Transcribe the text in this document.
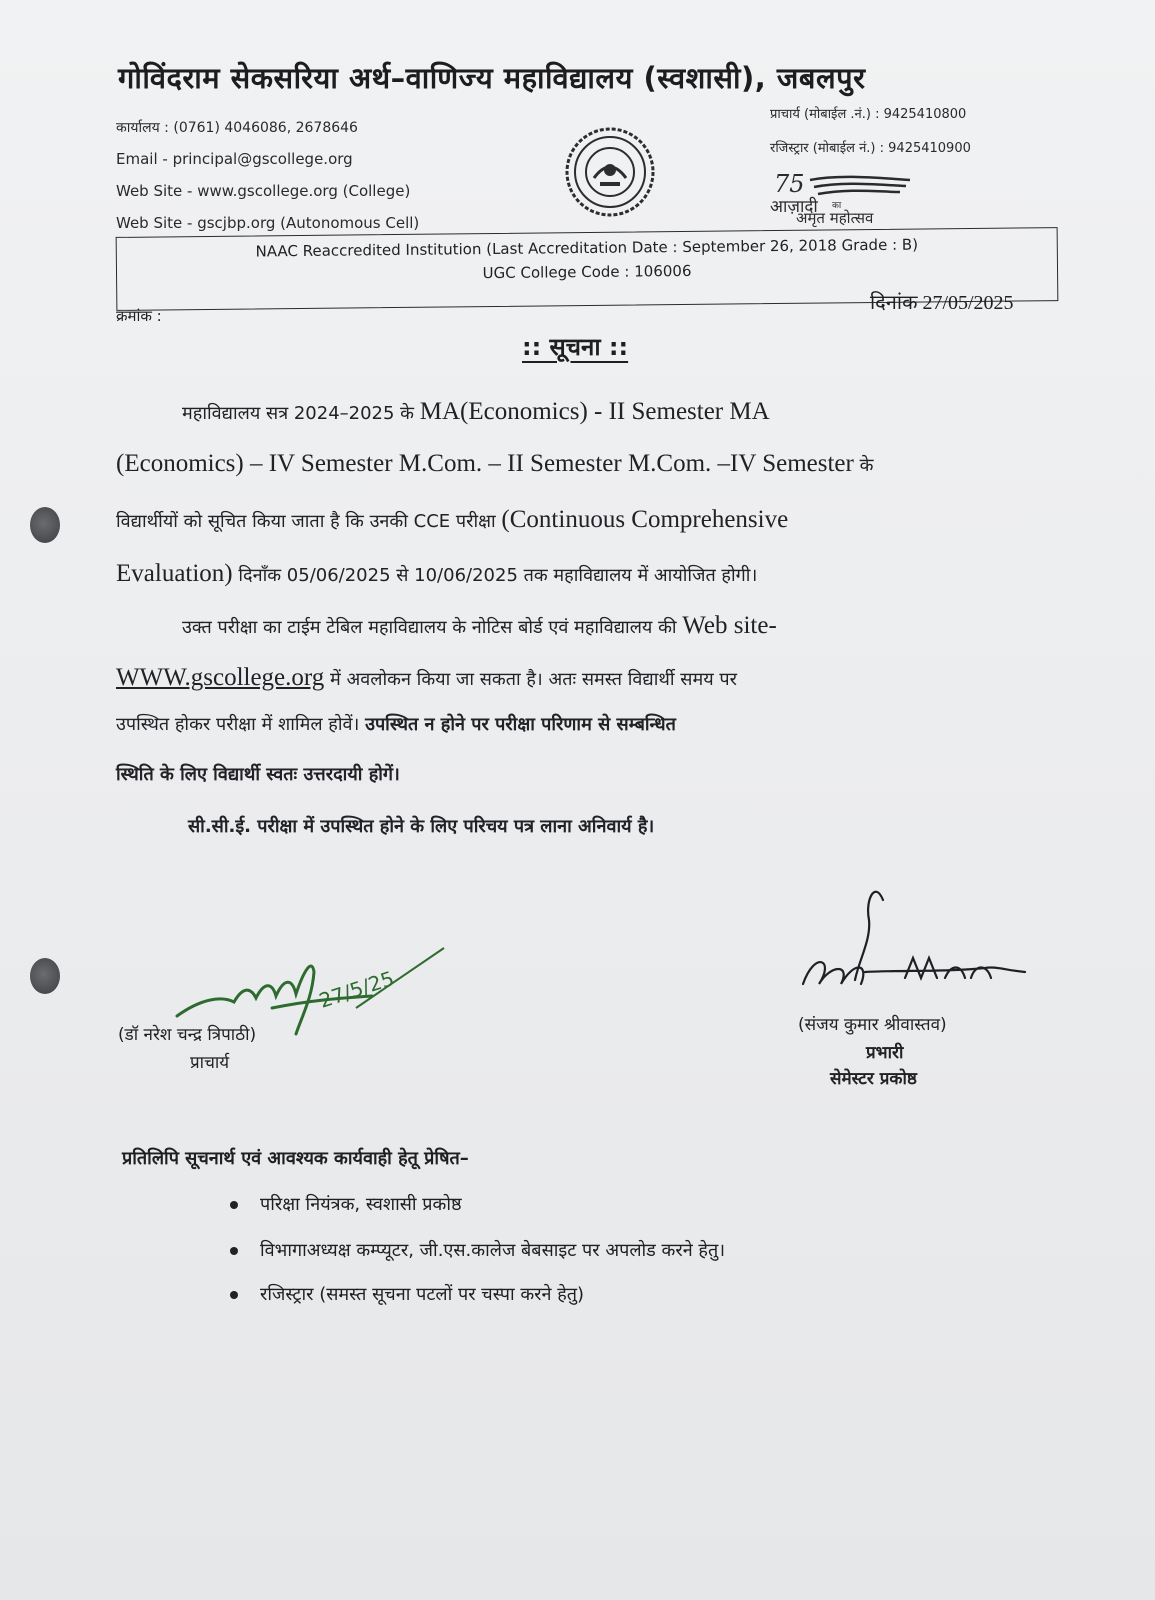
गोविंदराम सेकसरिया अर्थ–वाणिज्य महाविद्यालय (स्वशासी), जबलपुर
कार्यालय : (0761) 4046086, 2678646
Email - principal@gscollege.org
Web Site - www.gscollege.org (College)
Web Site - gscjbp.org (Autonomous Cell)
प्राचार्य (मोबाईल .नं.) : 9425410800
रजिस्ट्रार (मोबाईल नं.) : 9425410900
75
आज़ादी का
अमृत महोत्सव
NAAC Reaccredited Institution (Last Accreditation Date : September 26, 2018 Grade : B)
UGC College Code : 106006
क्रमांक :
दिनांक 27/05/2025
:: सूचना ::
महाविद्यालय सत्र 2024–2025 के MA(Economics) - II Semester MA
(Economics) – IV Semester M.Com. – II Semester M.Com. –IV Semester के
विद्यार्थीयों को सूचित किया जाता है कि उनकी CCE परीक्षा (Continuous Comprehensive
Evaluation) दिनाँक 05/06/2025 से 10/06/2025 तक महाविद्यालय में आयोजित होगी।
उक्त परीक्षा का टाईम टेबिल महाविद्यालय के नोटिस बोर्ड एवं महाविद्यालय की Web site-
WWW.gscollege.org में अवलोकन किया जा सकता है। अतः समस्त विद्यार्थी समय पर
उपस्थित होकर परीक्षा में शामिल होवें। उपस्थित न होने पर परीक्षा परिणाम से सम्बन्धित
स्थिति के लिए विद्यार्थी स्वतः उत्तरदायी होगें।
सी.सी.ई. परीक्षा में उपस्थित होने के लिए परिचय पत्र लाना अनिवार्य है।
27/5/25
(डॉ नरेश चन्द्र त्रिपाठी)
प्राचार्य
(संजय कुमार श्रीवास्तव)
प्रभारी
सेमेस्टर प्रकोष्ठ
प्रतिलिपि सूचनार्थ एवं आवश्यक कार्यवाही हेतू प्रेषित–
परिक्षा नियंत्रक, स्वशासी प्रकोष्ठ
विभागाअध्यक्ष कम्प्यूटर, जी.एस.कालेज बेबसाइट पर अपलोड करने हेतु।
रजिस्ट्रार (समस्त सूचना पटलों पर चस्पा करने हेतु)
